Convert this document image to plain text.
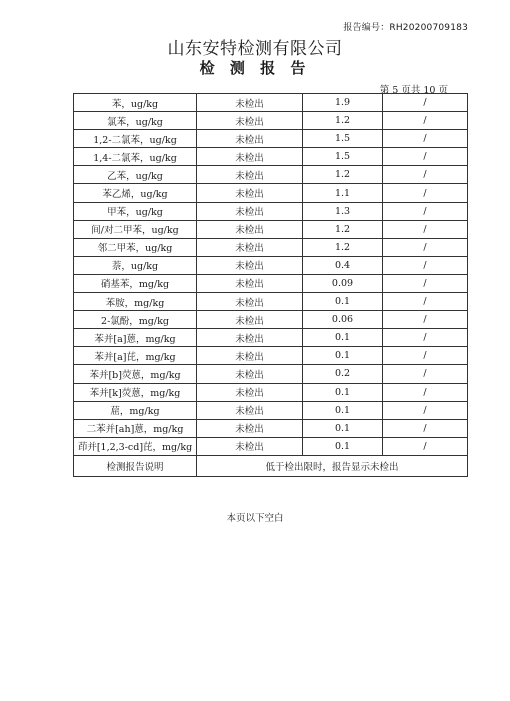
报告编号：RH20200709183
山东安特检测有限公司
检 测 报 告
第 5 页共 10 页
苯，ug/kg	未检出	1.9	/
氯苯，ug/kg	未检出	1.2	/
1,2-二氯苯，ug/kg	未检出	1.5	/
1,4-二氯苯，ug/kg	未检出	1.5	/
乙苯，ug/kg	未检出	1.2	/
苯乙烯，ug/kg	未检出	1.1	/
甲苯，ug/kg	未检出	1.3	/
间/对二甲苯，ug/kg	未检出	1.2	/
邻二甲苯，ug/kg	未检出	1.2	/
萘，ug/kg	未检出	0.4	/
硝基苯，mg/kg	未检出	0.09	/
苯胺，mg/kg	未检出	0.1	/
2-氯酚，mg/kg	未检出	0.06	/
苯并[a]蒽，mg/kg	未检出	0.1	/
苯并[a]芘，mg/kg	未检出	0.1	/
苯并[b]荧蒽，mg/kg	未检出	0.2	/
苯并[k]荧蒽，mg/kg	未检出	0.1	/
䓛，mg/kg	未检出	0.1	/
二苯并[ah]蒽，mg/kg	未检出	0.1	/
茚并[1,2,3-cd]芘，mg/kg	未检出	0.1	/
检测报告说明	低于检出限时，报告显示未检出		
本页以下空白
